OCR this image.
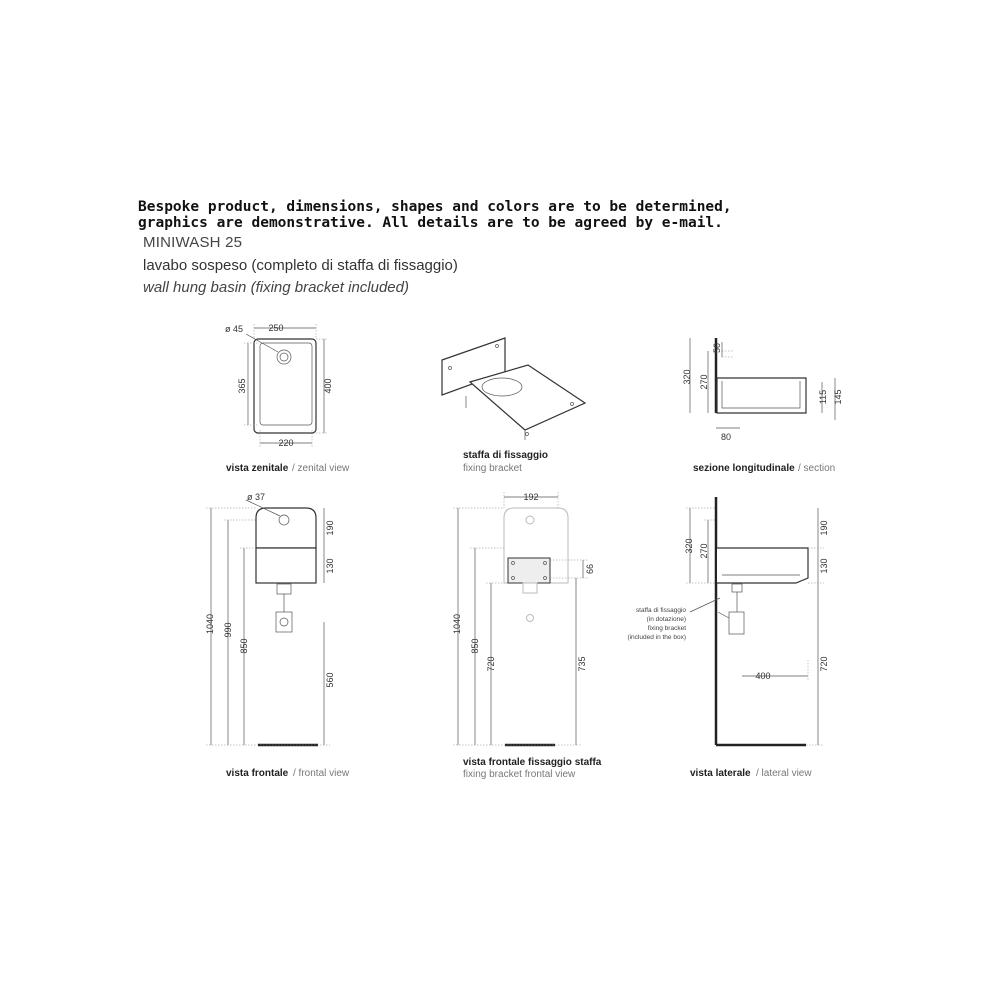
Bespoke product, dimensions, shapes and colors are to be determined, graphics are demonstrative. All details are to be agreed by e-mail.
MINIWASH 25
lavabo sospeso (completo di staffa di fissaggio)
wall hung basin (fixing bracket included)
ø 45	250
220
365	400
vista zenitale / zenital view
staffa di fissaggio
fixing bracket
320 270
50
115 145
80
sezione longitudinale / section
ø 37
190
130
1040 990
850
560
vista frontale / frontal view
192
66
1040
850
720	735
vista frontale fissaggio staffa
fixing bracket frontal view
320 270
190
130
720
400
staffa di fissaggio
(in dotazione)
fixing bracket
(included in the box)
vista laterale / lateral view
